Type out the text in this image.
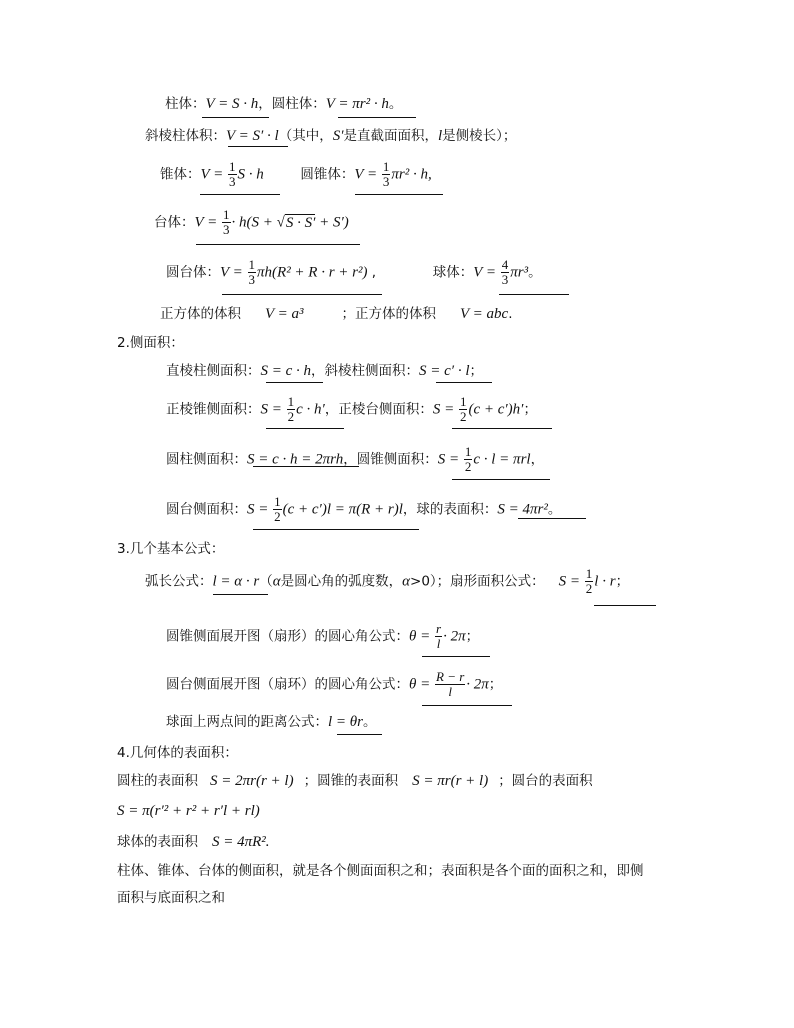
柱体：V = S · h，圆柱体：V = πr² · h。
斜棱柱体积：V = S′ · l（其中，S′是直截面面积，l是侧棱长）；
锥体：$V = \frac{1}{3}$ S · h	圆锥体：$V = \frac{1}{3} \pi r^2 \cdot h$,
台体：$V = \frac{1}{3} \cdot h(S + √S \cdot S' + S')$
圆台体：$V = \frac{1}{3} \pi h(R^2 + R \cdot r + r^2)$ ,	球体：$V = \frac{4}{3} \pi r^3$。
正方体的体积 V = a³	；正方体的体积 V = abc.
2.侧面积：
直棱柱侧面积：S = c · h，斜棱柱侧面积：S = c′ · l；
正棱锥侧面积：$S = \frac{1}{2}$ c · h′，正棱台侧面积：$S = \frac{1}{2} (c + c')h'$；
圆柱侧面积：S = c · h = 2πrh，圆锥侧面积：$S = \frac{1}{2}$ c · l = πrl，
圆台侧面积：$S = \frac{1}{2} (c + c')l = \pi(R + r)l$，球的表面积：S = 4πr²。
3.几个基本公式：
弧长公式：l = α · r（α是圆心角的弧度数，α>0）；扇形面积公式： $S = \frac{1}{2}$ l · r；
圆锥侧面展开图（扇形）的圆心角公式：$\theta = \frac{r}{l} \cdot 2\pi$；
圆台侧面展开图（扇环）的圆心角公式：$\theta = \frac{R - r}{l} \cdot 2\pi$；
球面上两点间的距离公式：l = θr。
4.几何体的表面积：
圆柱的表面积 S = 2πr(r + l) ；圆锥的表面积 S = πr(r + l) ；圆台的表面积
S = π(r′² + r² + r′l + rl)
球体的表面积 S = 4πR².
柱体、锥体、台体的侧面积，就是各个侧面面积之和；表面积是各个面的面积之和，即侧
面积与底面积之和
